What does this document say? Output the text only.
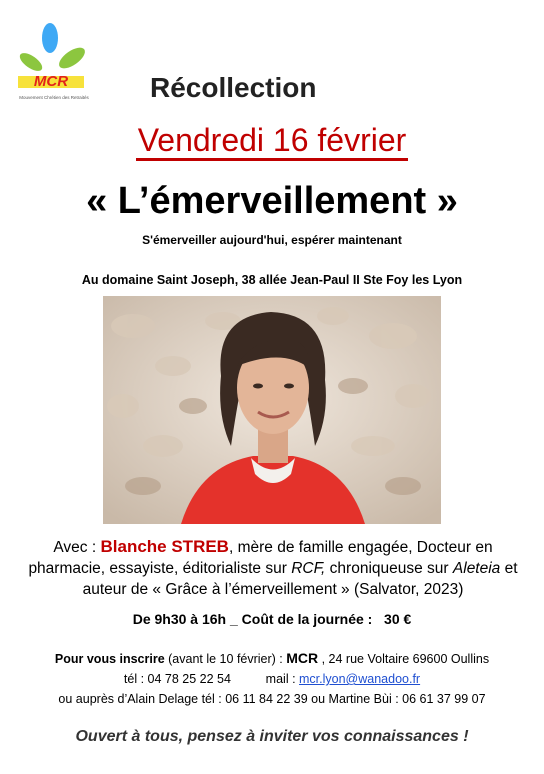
MCR
Mouvement Chrétien des Retraités Récollection
Vendredi 16 février
« L’émerveillement »
S'émerveiller aujourd'hui, espérer maintenant
Au domaine Saint Joseph, 38 allée Jean-Paul II Ste Foy les Lyon
Avec : Blanche STREB, mère de famille engagée, Docteur en pharmacie, essayiste, éditorialiste sur RCF, chroniqueuse sur Aleteia et auteur de « Grâce à l’émerveillement » (Salvator, 2023)
De 9h30 à 16h _ Coût de la journée : 30 €
Pour vous inscrire (avant le 10 février) : MCR , 24 rue Voltaire 69600 Oullins
tél : 04 78 25 22 54	mail : mcr.lyon@wanadoo.fr
ou auprès d’Alain Delage tél : 06 11 84 22 39 ou Martine Bùi : 06 61 37 99 07
Ouvert à tous, pensez à inviter vos connaissances !
